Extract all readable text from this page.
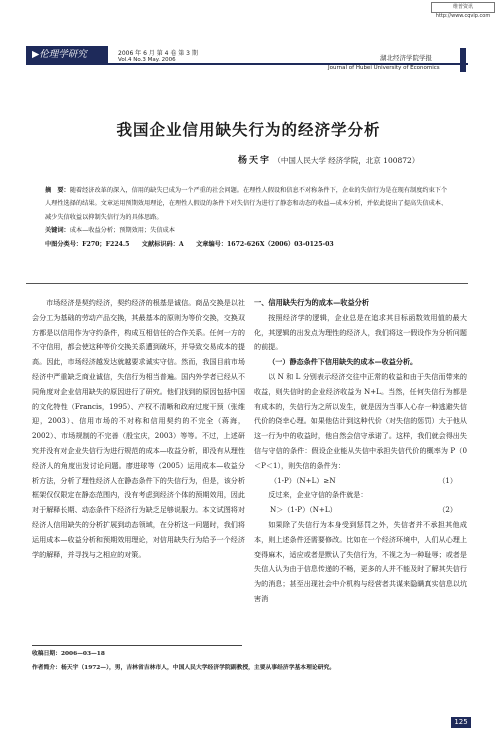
维普资讯 http://www.cqvip.com
▶伦理学研究	2006 年 6 月 第 4 卷 第 3 期
Vol.4 No.3 May. 2006	湖北经济学院学报
Journal of Hubei University of Economics
我国企业信用缺失行为的经济学分析
杨天宇 （中国人民大学 经济学院，北京 100872）

摘　要：随着经济改革的深入，信用的缺失已成为一个严重的社会问题。在理性人假设和信息不对称条件下，企业的失信行为是在现有制度约束下个人理性选择的结果。文章运用预期效用理论，在理性人假设的条件下对失信行为进行了静态和动态的收益—成本分析，并依此提出了提高失信成本、减少失信收益以抑制失信行为的具体思路。

关键词：成本—收益分析；预期效用；失信成本

中图分类号：F270；F224.5　　文献标识码：A　　文章编号：1672-626X（2006）03-0125-03

市场经济是契约经济，契约经济的根基是诚信。商品交换是以社会分工为基础的劳动产品交换，其最基本的原则为等价交换，交换双方都是以信用作为守约条件，构成互相信任的合作关系。任何一方的不守信用，都会使这种等价交换关系遭到破坏，并导致交易成本的提高。因此，市场经济越发达就越要求诚实守信。然而，我国目前市场经济中严重缺乏商业诚信，失信行为相当普遍。国内外学者已经从不同角度对企业信用缺失的原因进行了研究。他们找到的原因包括中国的文化特性（Francis，1995）、产权不清晰和政府过度干预（张维迎，2003）、信用市场的不对称和信用契约的不完全（蒋海，2002）、市场规制的不完善（殷宝庆，2003）等等。不过，上述研究并没有对企业失信行为进行规范的成本—收益分析，即没有从理性经济人的角度出发讨论问题。廖进球等（2005）运用成本—收益分析方法，分析了理性经济人在静态条件下的失信行为，但是，该分析框架仅仅限定在静态范围内，没有考虑到经济个体的预期效用，因此对于解释长期、动态条件下经济行为缺乏足够说服力。本文试图将对经济人信用缺失的分析扩展到动态领域，在分析这一问题时，我们将运用成本—收益分析和预期效用理论，对信用缺失行为给予一个经济学的解释，并寻找与之相应的对策。

一、信用缺失行为的成本—收益分析

按照经济学的逻辑，企业总是在追求其目标函数效用值的最大化，其逻辑的出发点为理性的经济人，我们将这一假设作为分析问题的前提。

（一）静态条件下信用缺失的成本—收益分析。

以 N 和 L 分别表示经济交往中正常的收益和由于失信而带来的收益，则失信时的企业经济收益为 N+L。当然，任何失信行为都是有成本的，失信行为之所以发生，就是因为当事人心存一种逃避失信代价的侥幸心理。如果他估计到这种代价（对失信的惩罚）大于他从这一行为中的收益时，他自然会信守承诺了。这样，我们就会得出失信与守信的条件：假设企业能从失信中承担失信代价的概率为 P（0＜P＜1），则失信的条件为：

（1-P）（N+L）≥N	（1）

反过来，企业守信的条件就是：

N＞（1-P）（N+L）	（2）

如果除了失信行为本身受到惩罚之外，失信者并不承担其他成本，则上述条件还需要修改。比如在一个经济环境中，人们从心理上变得麻木，适应或者是默认了失信行为，不视之为一种耻辱；或者是失信人认为由于信息传递的不畅，更多的人并不能及时了解其失信行为的消息；甚至出现社会中介机构与经营者共谋来隐瞒真实信息以坑害消

收稿日期：2006—03—18
作者简介：杨天宇（1972—），男，吉林省吉林市人，中国人民大学经济学院副教授，主要从事经济学基本理论研究。
125
